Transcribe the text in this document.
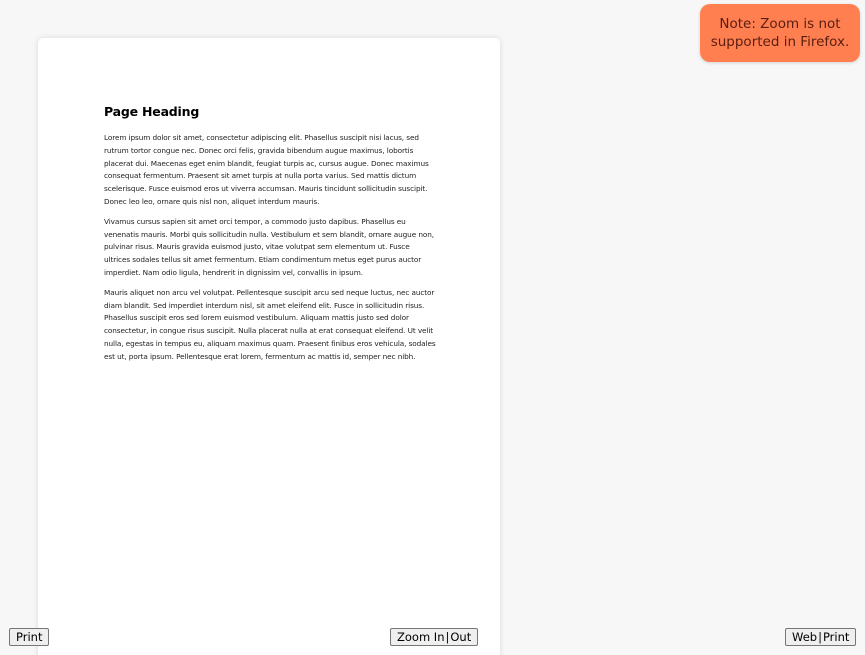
Page Heading

Lorem ipsum dolor sit amet, consectetur adipiscing elit. Phasellus suscipit nisi lacus, sed rutrum tortor congue nec. Donec orci felis, gravida bibendum augue maximus, lobortis placerat dui. Maecenas eget enim blandit, feugiat turpis ac, cursus augue. Donec maximus consequat fermentum. Praesent sit amet turpis at nulla porta varius. Sed mattis dictum scelerisque. Fusce euismod eros ut viverra accumsan. Mauris tincidunt sollicitudin suscipit. Donec leo leo, ornare quis nisl non, aliquet interdum mauris.

Vivamus cursus sapien sit amet orci tempor, a commodo justo dapibus. Phasellus eu venenatis mauris. Morbi quis sollicitudin nulla. Vestibulum et sem blandit, ornare augue non, pulvinar risus. Mauris gravida euismod justo, vitae volutpat sem elementum ut. Fusce ultrices sodales tellus sit amet fermentum. Etiam condimentum metus eget purus auctor imperdiet. Nam odio ligula, hendrerit in dignissim vel, convallis in ipsum.

Mauris aliquet non arcu vel volutpat. Pellentesque suscipit arcu sed neque luctus, nec auctor diam blandit. Sed imperdiet interdum nisl, sit amet eleifend elit. Fusce in sollicitudin risus. Phasellus suscipit eros sed lorem euismod vestibulum. Aliquam mattis justo sed dolor consectetur, in congue risus suscipit. Nulla placerat nulla at erat consequat eleifend. Ut velit nulla, egestas in tempus eu, aliquam maximus quam. Praesent finibus eros vehicula, sodales est ut, porta ipsum. Pellentesque erat lorem, fermentum ac mattis id, semper nec nibh.

Note: Zoom is not
supported in Firefox.
Print	Zoom In|Out	Web|Print
